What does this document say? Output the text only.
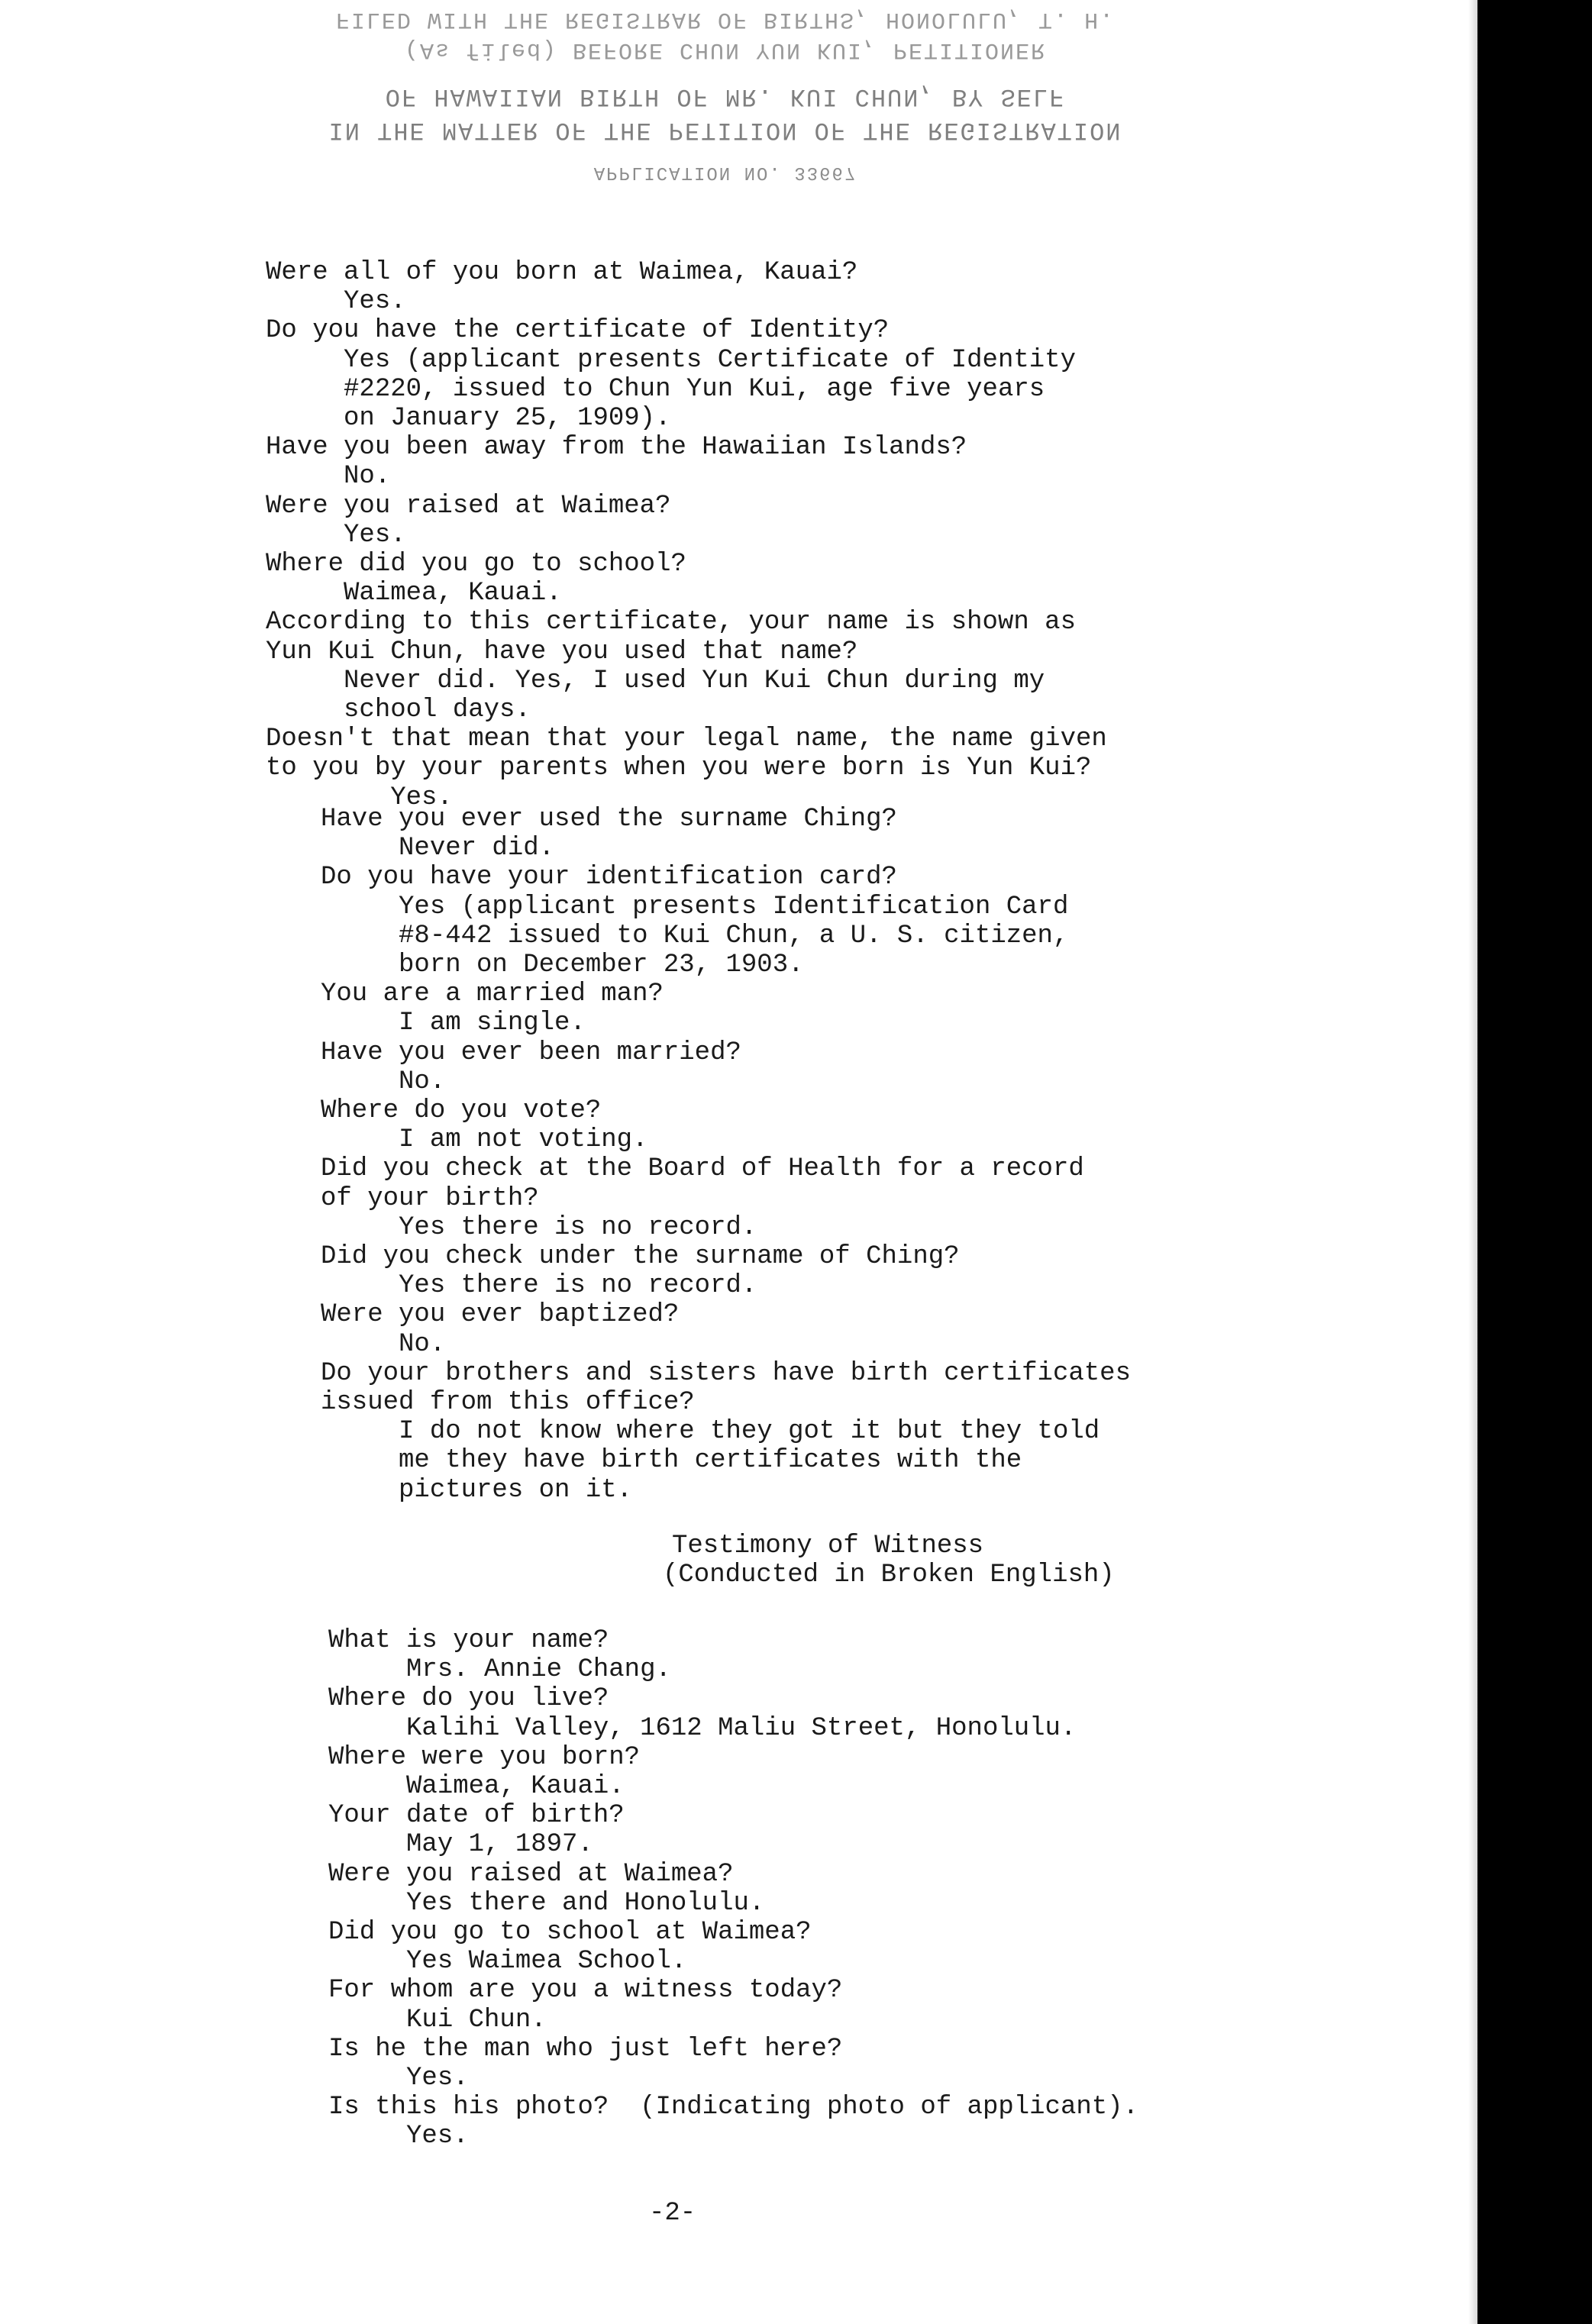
FILED WITH THE REGISTRAR OF BIRTHS, HONOLULU, T. H.
(As filed) BEFORE CHUN YUN KUI, PETITIONER
OF HAWAIIAN BIRTH OF MR. KUI CHUN, BY SELF
IN THE MATTER OF THE PETITION OF THE REGISTRATION
APPLICATION NO. 33667
Were all of you born at Waimea, Kauai?
Yes.
Do you have the certificate of Identity?
Yes (applicant presents Certificate of Identity
#2220, issued to Chun Yun Kui, age five years
on January 25, 1909).
Have you been away from the Hawaiian Islands?
No.
Were you raised at Waimea?
Yes.
Where did you go to school?
Waimea, Kauai.
According to this certificate, your name is shown as
Yun Kui Chun, have you used that name?
Never did. Yes, I used Yun Kui Chun during my
school days.
Doesn't that mean that your legal name, the name given
to you by your parents when you were born is Yun Kui?
Yes.
Have you ever used the surname Ching?
Never did.
Do you have your identification card?
Yes (applicant presents Identification Card
#8-442 issued to Kui Chun, a U. S. citizen,
born on December 23, 1903.
You are a married man?
I am single.
Have you ever been married?
No.
Where do you vote?
I am not voting.
Did you check at the Board of Health for a record
of your birth?
Yes there is no record.
Did you check under the surname of Ching?
Yes there is no record.
Were you ever baptized?
No.
Do your brothers and sisters have birth certificates
issued from this office?
I do not know where they got it but they told
me they have birth certificates with the
pictures on it.
What is your name?
Mrs. Annie Chang.
Where do you live?
Kalihi Valley, 1612 Maliu Street, Honolulu.
Where were you born?
Waimea, Kauai.
Your date of birth?
May 1, 1897.
Were you raised at Waimea?
Yes there and Honolulu.
Did you go to school at Waimea?
Yes Waimea School.
For whom are you a witness today?
Kui Chun.
Is he the man who just left here?
Yes.
Is this his photo?  (Indicating photo of applicant).
Yes.
Testimony of Witness
(Conducted in Broken English)
-2-
